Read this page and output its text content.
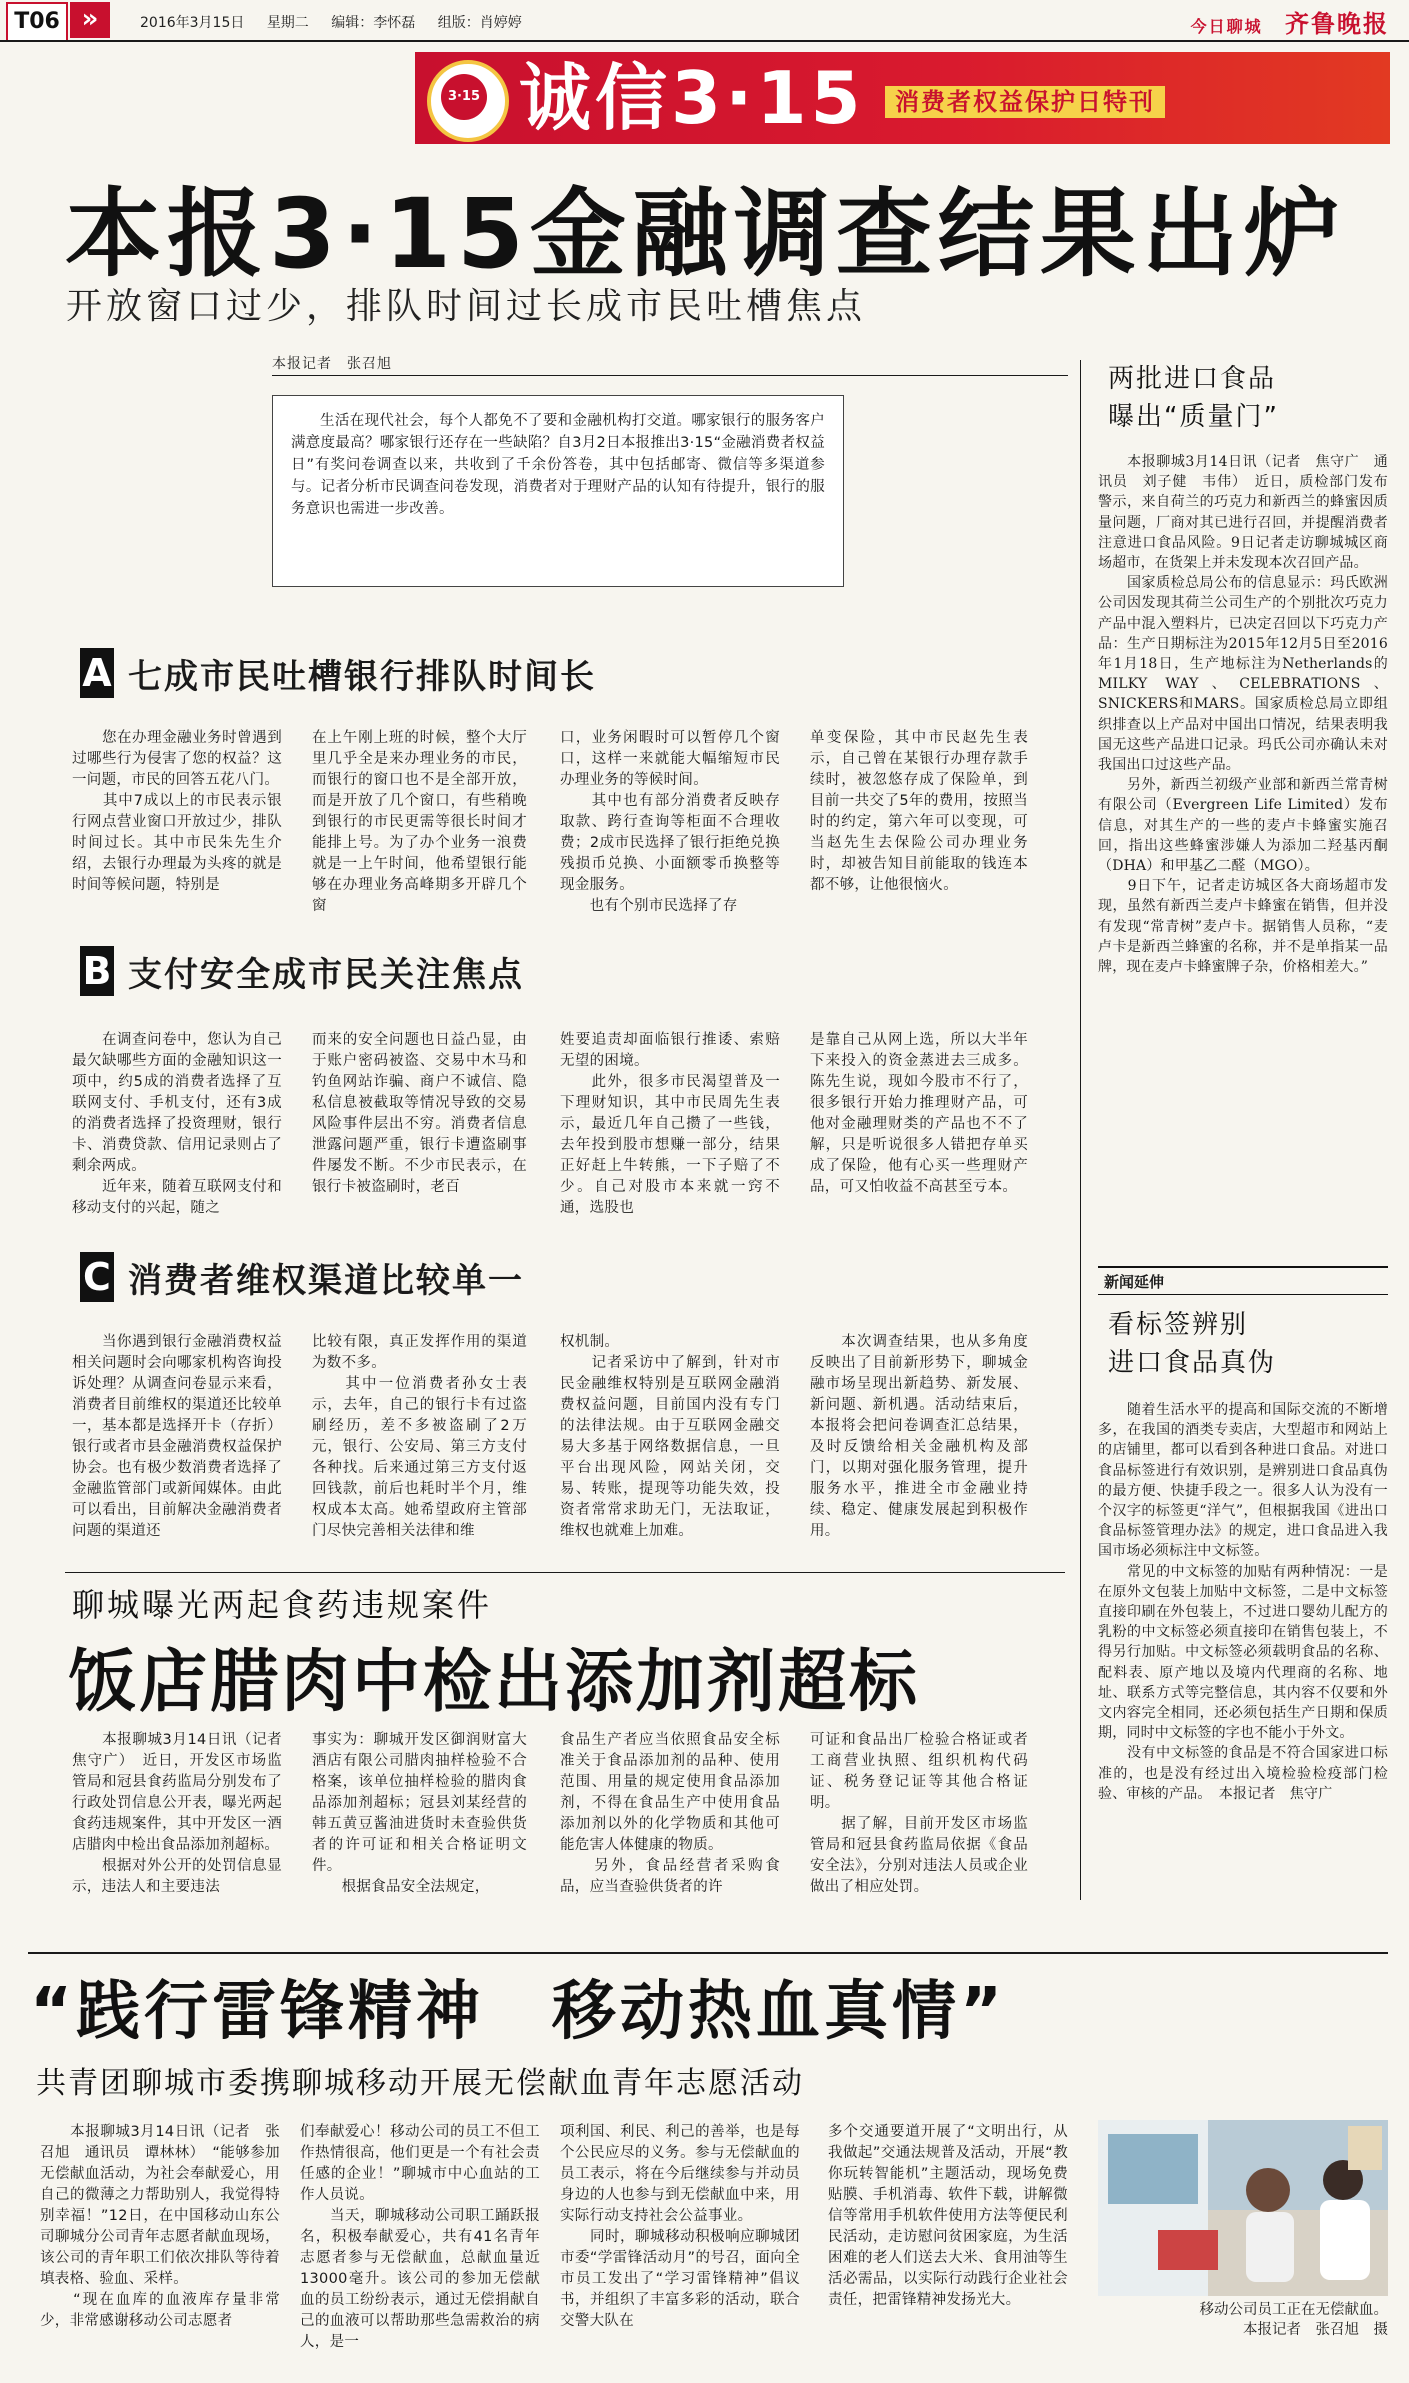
T06 »	2016年3月15日 星期二 编辑：李怀磊 组版：肖婷婷	今日聊城 齐鲁晚报
3·15 诚信3·15	消费者权益保护日特刊
本报3·15金融调查结果出炉
开放窗口过少，排队时间过长成市民吐槽焦点
本报记者　张召旭
生活在现代社会，每个人都免不了要和金融机构打交道。哪家银行的服务客户满意度最高？哪家银行还存在一些缺陷？自3月2日本报推出3·15“金融消费者权益日”有奖问卷调查以来，共收到了千余份答卷，其中包括邮寄、微信等多渠道参与。记者分析市民调查问卷发现，消费者对于理财产品的认知有待提升，银行的服务意识也需进一步改善。
A 七成市民吐槽银行排队时间长
　　您在办理金融业务时曾遇到过哪些行为侵害了您的权益？这一问题，市民的回答五花八门。
　　其中7成以上的市民表示银行网点营业窗口开放过少，排队时间过长。其中市民朱先生介绍，去银行办理最为头疼的就是时间等候问题，特别是
在上午刚上班的时候，整个大厅里几乎全是来办理业务的市民，而银行的窗口也不是全部开放，而是开放了几个窗口，有些稍晚到银行的市民更需等很长时间才能排上号。为了办个业务一浪费就是一上午时间，他希望银行能够在办理业务高峰期多开辟几个窗
口，业务闲暇时可以暂停几个窗口，这样一来就能大幅缩短市民办理业务的等候时间。
　　其中也有部分消费者反映存取款、跨行查询等柜面不合理收费；2成市民选择了银行拒绝兑换残损币兑换、小面额零币换整等现金服务。
　　也有个别市民选择了存
单变保险，其中市民赵先生表示，自己曾在某银行办理存款手续时，被忽悠存成了保险单，到目前一共交了5年的费用，按照当时的约定，第六年可以变现，可当赵先生去保险公司办理业务时，却被告知目前能取的钱连本都不够，让他很恼火。
B 支付安全成市民关注焦点
　　在调查问卷中，您认为自己最欠缺哪些方面的金融知识这一项中，约5成的消费者选择了互联网支付、手机支付，还有3成的消费者选择了投资理财，银行卡、消费贷款、信用记录则占了剩余两成。
　　近年来，随着互联网支付和移动支付的兴起，随之
而来的安全问题也日益凸显，由于账户密码被盗、交易中木马和钓鱼网站诈骗、商户不诚信、隐私信息被截取等情况导致的交易风险事件层出不穷。消费者信息泄露问题严重，银行卡遭盗刷事件屡发不断。不少市民表示，在银行卡被盗刷时，老百
姓要追责却面临银行推诿、索赔无望的困境。
　　此外，很多市民渴望普及一下理财知识，其中市民周先生表示，最近几年自己攒了一些钱，去年投到股市想赚一部分，结果正好赶上牛转熊，一下子赔了不少。自己对股市本来就一窍不通，选股也
是靠自己从网上选，所以大半年下来投入的资金蒸进去三成多。陈先生说，现如今股市不行了，很多银行开始力推理财产品，可他对金融理财类的产品也不不了解，只是听说很多人错把存单买成了保险，他有心买一些理财产品，可又怕收益不高甚至亏本。
C 消费者维权渠道比较单一
　　当你遇到银行金融消费权益相关问题时会向哪家机构咨询投诉处理？从调查问卷显示来看，消费者目前维权的渠道还比较单一，基本都是选择开卡（存折）银行或者市县金融消费权益保护协会。也有极少数消费者选择了金融监管部门或新闻媒体。由此可以看出，目前解决金融消费者问题的渠道还
比较有限，真正发挥作用的渠道为数不多。
　　其中一位消费者孙女士表示，去年，自己的银行卡有过盗刷经历，差不多被盗刷了2万元，银行、公安局、第三方支付各种找。后来通过第三方支付返回钱款，前后也耗时半个月，维权成本太高。她希望政府主管部门尽快完善相关法律和维
权机制。
　　记者采访中了解到，针对市民金融维权特别是互联网金融消费权益问题，目前国内没有专门的法律法规。由于互联网金融交易大多基于网络数据信息，一旦平台出现风险，网站关闭，交易、转账，提现等功能失效，投资者常常求助无门，无法取证，维权也就难上加难。
　　本次调查结果，也从多角度反映出了目前新形势下，聊城金融市场呈现出新趋势、新发展、新问题、新机遇。活动结束后，本报将会把问卷调查汇总结果，及时反馈给相关金融机构及部门，以期对强化服务管理，提升服务水平，推进全市金融业持续、稳定、健康发展起到积极作用。
两批进口食品
曝出“质量门”
　　本报聊城3月14日讯（记者　焦守广　通讯员　刘子健　韦伟）　近日，质检部门发布警示，来自荷兰的巧克力和新西兰的蜂蜜因质量问题，厂商对其已进行召回，并提醒消费者注意进口食品风险。9日记者走访聊城城区商场超市，在货架上并未发现本次召回产品。
　　国家质检总局公布的信息显示：玛氏欧洲公司因发现其荷兰公司生产的个别批次巧克力产品中混入塑料片，已决定召回以下巧克力产品：生产日期标注为2015年12月5日至2016年1月18日，生产地标注为Netherlands的MILKY WAY、CELEBRATIONS、SNICKERS和MARS。国家质检总局立即组织排查以上产品对中国出口情况，结果表明我国无这些产品进口记录。玛氏公司亦确认未对我国出口过这些产品。
　　另外，新西兰初级产业部和新西兰常青树有限公司（Evergreen Life Limited）发布信息，对其生产的一些的麦卢卡蜂蜜实施召回，指出这些蜂蜜涉嫌人为添加二羟基丙酮（DHA）和甲基乙二醛（MGO）。
　　9日下午，记者走访城区各大商场超市发现，虽然有新西兰麦卢卡蜂蜜在销售，但并没有发现“常青树”麦卢卡。据销售人员称，“麦卢卡是新西兰蜂蜜的名称，并不是单指某一品牌，现在麦卢卡蜂蜜牌子杂，价格相差大。”
新闻延伸
看标签辨别
进口食品真伪
　　随着生活水平的提高和国际交流的不断增多，在我国的酒类专卖店，大型超市和网站上的店铺里，都可以看到各种进口食品。对进口食品标签进行有效识别，是辨别进口食品真伪的最方便、快捷手段之一。很多人认为没有一个汉字的标签更“洋气”，但根据我国《进出口食品标签管理办法》的规定，进口食品进入我国市场必须标注中文标签。
　　常见的中文标签的加贴有两种情况：一是在原外文包装上加贴中文标签，二是中文标签直接印刷在外包装上，不过进口婴幼儿配方的乳粉的中文标签必须直接印在销售包装上，不得另行加贴。中文标签必须载明食品的名称、配料表、原产地以及境内代理商的名称、地址、联系方式等完整信息，其内容不仅要和外文内容完全相同，还必须包括生产日期和保质期，同时中文标签的字也不能小于外文。
　　没有中文标签的食品是不符合国家进口标准的，也是没有经过出入境检验检疫部门检验、审核的产品。　本报记者　焦守广
聊城曝光两起食药违规案件
饭店腊肉中检出添加剂超标
　　本报聊城3月14日讯（记者　焦守广）　近日，开发区市场监管局和冠县食药监局分别发布了行政处罚信息公开表，曝光两起食药违规案件，其中开发区一酒店腊肉中检出食品添加剂超标。
　　根据对外公开的处罚信息显示，违法人和主要违法
事实为：聊城开发区御润财富大酒店有限公司腊肉抽样检验不合格案，该单位抽样检验的腊肉食品添加剂超标；冠县刘某经营的韩五黄豆酱油进货时未查验供货者的许可证和相关合格证明文件。
　　根据食品安全法规定，
食品生产者应当依照食品安全标准关于食品添加剂的品种、使用范围、用量的规定使用食品添加剂，不得在食品生产中使用食品添加剂以外的化学物质和其他可能危害人体健康的物质。
　　另外，食品经营者采购食品，应当查验供货者的许
可证和食品出厂检验合格证或者工商营业执照、组织机构代码证、税务登记证等其他合格证明。
　　据了解，目前开发区市场监管局和冠县食药监局依据《食品安全法》，分别对违法人员或企业做出了相应处罚。
“践行雷锋精神　移动热血真情”
共青团聊城市委携聊城移动开展无偿献血青年志愿活动
　　本报聊城3月14日讯（记者　张召旭　通讯员　谭林林）　“能够参加无偿献血活动，为社会奉献爱心，用自己的微薄之力帮助别人，我觉得特别幸福！”12日，在中国移动山东公司聊城分公司青年志愿者献血现场，该公司的青年职工们依次排队等待着填表格、验血、采样。
　　“现在血库的血液库存量非常少，非常感谢移动公司志愿者
们奉献爱心！移动公司的员工不但工作热情很高，他们更是一个有社会责任感的企业！”聊城市中心血站的工作人员说。
　　当天，聊城移动公司职工踊跃报名，积极奉献爱心，共有41名青年志愿者参与无偿献血，总献血量近13000毫升。该公司的参加无偿献血的员工纷纷表示，通过无偿捐献自己的血液可以帮助那些急需救治的病人，是一
项利国、利民、利己的善举，也是每个公民应尽的义务。参与无偿献血的员工表示，将在今后继续参与并动员身边的人也参与到无偿献血中来，用实际行动支持社会公益事业。
　　同时，聊城移动积极响应聊城团市委“学雷锋活动月”的号召，面向全市员工发出了“学习雷锋精神”倡议书，并组织了丰富多彩的活动，联合交警大队在
多个交通要道开展了“文明出行，从我做起”交通法规普及活动，开展“教你玩转智能机”主题活动，现场免费贴膜、手机消毒、软件下载，讲解微信等常用手机软件使用方法等便民利民活动，走访慰问贫困家庭，为生活困难的老人们送去大米、食用油等生活必需品，以实际行动践行企业社会责任，把雷锋精神发扬光大。
移动公司员工正在无偿献血。
本报记者　张召旭　摄
